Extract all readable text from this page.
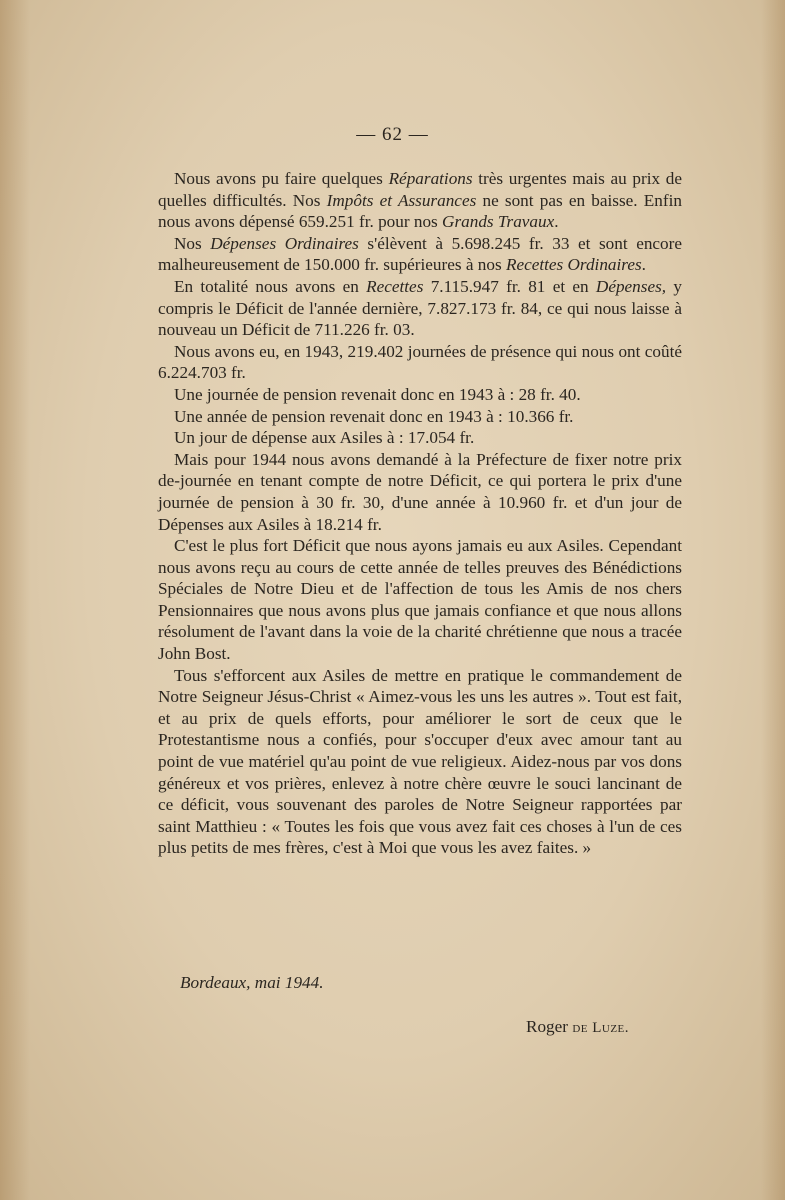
— 62 —

Nous avons pu faire quelques Réparations très urgentes mais au prix de quelles difficultés. Nos Impôts et Assurances ne sont pas en baisse. Enfin nous avons dépensé 659.251 fr. pour nos Grands Travaux.

Nos Dépenses Ordinaires s'élèvent à 5.698.245 fr. 33 et sont encore malheureusement de 150.000 fr. supérieures à nos Recettes Ordinaires.

En totalité nous avons en Recettes 7.115.947 fr. 81 et en Dépenses, y compris le Déficit de l'année dernière, 7.827.173 fr. 84, ce qui nous laisse à nouveau un Déficit de 711.226 fr. 03.

Nous avons eu, en 1943, 219.402 journées de présence qui nous ont coûté 6.224.703 fr.

Une journée de pension revenait donc en 1943 à : 28 fr. 40.

Une année de pension revenait donc en 1943 à : 10.366 fr.

Un jour de dépense aux Asiles à : 17.054 fr.

Mais pour 1944 nous avons demandé à la Préfecture de fixer notre prix de-journée en tenant compte de notre Déficit, ce qui portera le prix d'une journée de pension à 30 fr. 30, d'une année à 10.960 fr. et d'un jour de Dépenses aux Asiles à 18.214 fr.

C'est le plus fort Déficit que nous ayons jamais eu aux Asiles. Cependant nous avons reçu au cours de cette année de telles preuves des Bénédictions Spéciales de Notre Dieu et de l'affection de tous les Amis de nos chers Pensionnaires que nous avons plus que jamais confiance et que nous allons résolument de l'avant dans la voie de la charité chrétienne que nous a tracée John Bost.

Tous s'efforcent aux Asiles de mettre en pratique le commandement de Notre Seigneur Jésus-Christ « Aimez-vous les uns les autres ». Tout est fait, et au prix de quels efforts, pour améliorer le sort de ceux que le Protestantisme nous a confiés, pour s'occuper d'eux avec amour tant au point de vue matériel qu'au point de vue religieux. Aidez-nous par vos dons généreux et vos prières, enlevez à notre chère œuvre le souci lancinant de ce déficit, vous souvenant des paroles de Notre Seigneur rapportées par saint Matthieu : « Toutes les fois que vous avez fait ces choses à l'un de ces plus petits de mes frères, c'est à Moi que vous les avez faites. »

Bordeaux, mai 1944.
Roger de Luze.
